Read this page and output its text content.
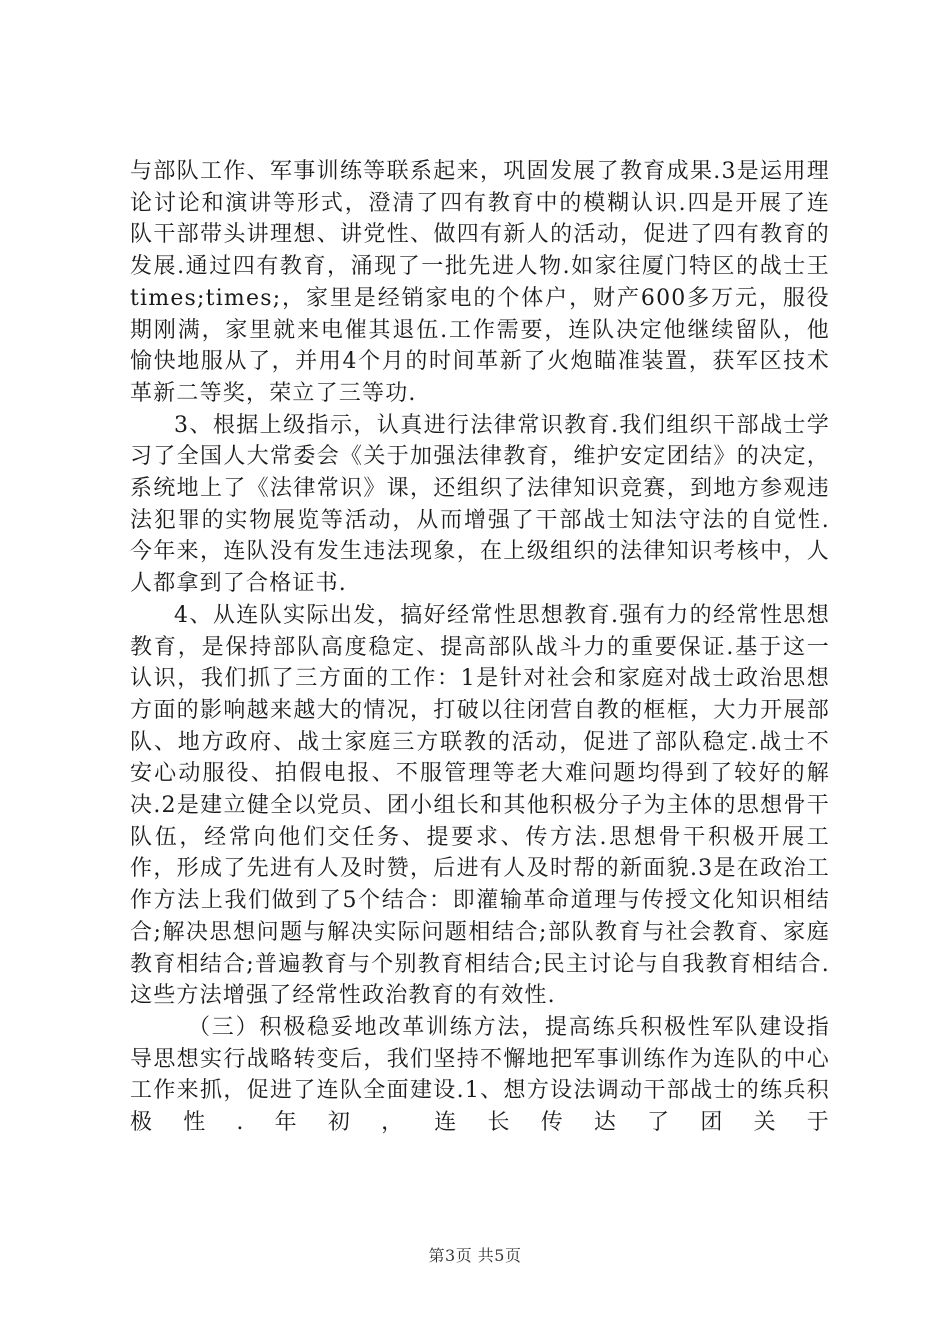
与部队工作、军事训练等联系起来，巩固发展了教育成果.3是运用理论讨论和演讲等形式，澄清了四有教育中的模糊认识.四是开展了连队干部带头讲理想、讲党性、做四有新人的活动，促进了四有教育的发展.通过四有教育，涌现了一批先进人物.如家往厦门特区的战士王times;times;，家里是经销家电的个体户，财产600多万元，服役期刚满，家里就来电催其退伍.工作需要，连队决定他继续留队，他愉快地服从了，并用4个月的时间革新了火炮瞄准装置，获军区技术革新二等奖，荣立了三等功.

3、根据上级指示，认真进行法律常识教育.我们组织干部战士学习了全国人大常委会《关于加强法律教育，维护安定团结》的决定，系统地上了《法律常识》课，还组织了法律知识竞赛，到地方参观违法犯罪的实物展览等活动，从而增强了干部战士知法守法的自觉性.今年来，连队没有发生违法现象，在上级组织的法律知识考核中，人人都拿到了合格证书.

4、从连队实际出发，搞好经常性思想教育.强有力的经常性思想教育，是保持部队高度稳定、提高部队战斗力的重要保证.基于这一认识，我们抓了三方面的工作：1是针对社会和家庭对战士政治思想方面的影响越来越大的情况，打破以往闭营自教的框框，大力开展部队、地方政府、战士家庭三方联教的活动，促进了部队稳定.战士不安心动服役、拍假电报、不服管理等老大难问题均得到了较好的解决.2是建立健全以党员、团小组长和其他积极分子为主体的思想骨干队伍，经常向他们交任务、提要求、传方法.思想骨干积极开展工作，形成了先进有人及时赞，后进有人及时帮的新面貌.3是在政治工作方法上我们做到了5个结合：即灌输革命道理与传授文化知识相结合;解决思想问题与解决实际问题相结合;部队教育与社会教育、家庭教育相结合;普遍教育与个别教育相结合;民主讨论与自我教育相结合.这些方法增强了经常性政治教育的有效性.

（三）积极稳妥地改革训练方法，提高练兵积极性军队建设指导思想实行战略转变后，我们坚持不懈地把军事训练作为连队的中心工作来抓，促进了连队全面建设.1、想方设法调动干部战士的练兵积极性.年初，连长传达了团关于

第3页 共5页
